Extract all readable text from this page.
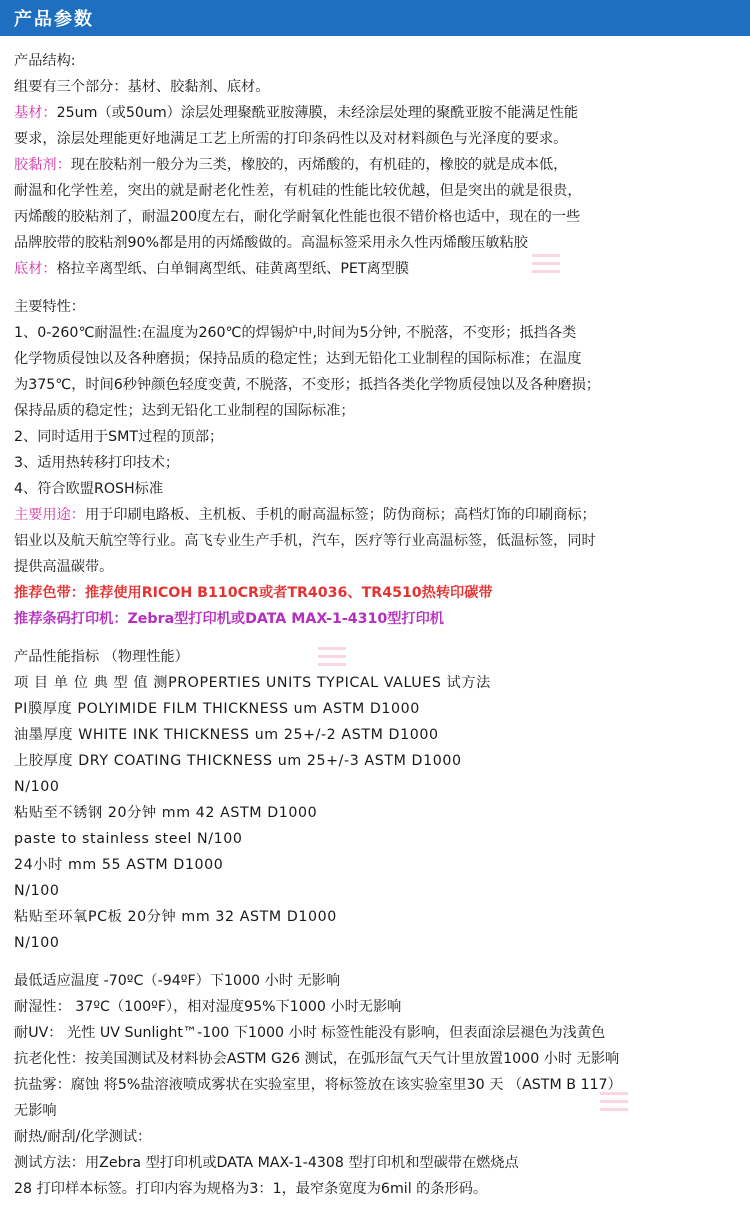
产品参数
产品结构:
组要有三个部分：基材、胶黏剂、底材。
基材：25um（或50um）涂层处理聚酰亚胺薄膜，未经涂层处理的聚酰亚胺不能满足性能
要求，涂层处理能更好地满足工艺上所需的打印条码性以及对材料颜色与光泽度的要求。
胶黏剂：现在胶粘剂一般分为三类，橡胶的，丙烯酸的，有机硅的，橡胶的就是成本低，
耐温和化学性差，突出的就是耐老化性差，有机硅的性能比较优越，但是突出的就是很贵，
丙烯酸的胶粘剂了，耐温200度左右，耐化学耐氧化性能也很不错价格也适中，现在的一些
品牌胶带的胶粘剂90%都是用的丙烯酸做的。高温标签采用永久性丙烯酸压敏粘胶
底材：格拉辛离型纸、白单铜离型纸、硅黄离型纸、PET离型膜
主要特性：
1、0-260℃耐温性:在温度为260℃的焊锡炉中,时间为5分钟, 不脱落，不变形；抵挡各类
化学物质侵蚀以及各种磨损；保持品质的稳定性；达到无铅化工业制程的国际标准；在温度
为375℃，时间6秒钟颜色轻度变黄, 不脱落，不变形；抵挡各类化学物质侵蚀以及各种磨损；
保持品质的稳定性；达到无铅化工业制程的国际标准；
2、同时适用于SMT过程的顶部；
3、适用热转移打印技术；
4、符合欧盟ROSH标准
主要用途：用于印刷电路板、主机板、手机的耐高温标签；防伪商标；高档灯饰的印刷商标；
铝业以及航天航空等行业。高飞专业生产手机，汽车，医疗等行业高温标签，低温标签，同时
提供高温碳带。
推荐色带：推荐使用RICOH B110CR或者TR4036、TR4510热转印碳带
推荐条码打印机：Zebra型打印机或DATA MAX-1-4310型打印机
产品性能指标 （物理性能）
项 目 单 位 典 型 值 测PROPERTIES UNITS TYPICAL VALUES 试方法
PI膜厚度 POLYIMIDE FILM THICKNESS um ASTM D1000
油墨厚度 WHITE INK THICKNESS um 25+/-2 ASTM D1000
上胶厚度 DRY COATING THICKNESS um 25+/-3 ASTM D1000
N/100
粘贴至不锈钢 20分钟 mm 42 ASTM D1000
paste to stainless steel N/100
24小时 mm 55 ASTM D1000
N/100
粘贴至环氧PC板 20分钟 mm 32 ASTM D1000
N/100
最低适应温度 -70ºC（-94ºF）下1000 小时 无影响
耐湿性： 37ºC（100ºF），相对湿度95%下1000 小时无影响
耐UV： 光性 UV Sunlight™-100 下1000 小时 标签性能没有影响，但表面涂层褪色为浅黄色
抗老化性：按美国测试及材料协会ASTM G26 测试，在弧形氙气天气计里放置1000 小时 无影响
抗盐雾：腐蚀 将5%盐溶液喷成雾状在实验室里，将标签放在该实验室里30 天 （ASTM B 117）
无影响
耐热/耐刮/化学测试：
测试方法：用Zebra 型打印机或DATA MAX-1-4308 型打印机和型碳带在燃烧点
28 打印样本标签。打印内容为规格为3：1，最窄条宽度为6mil 的条形码。
